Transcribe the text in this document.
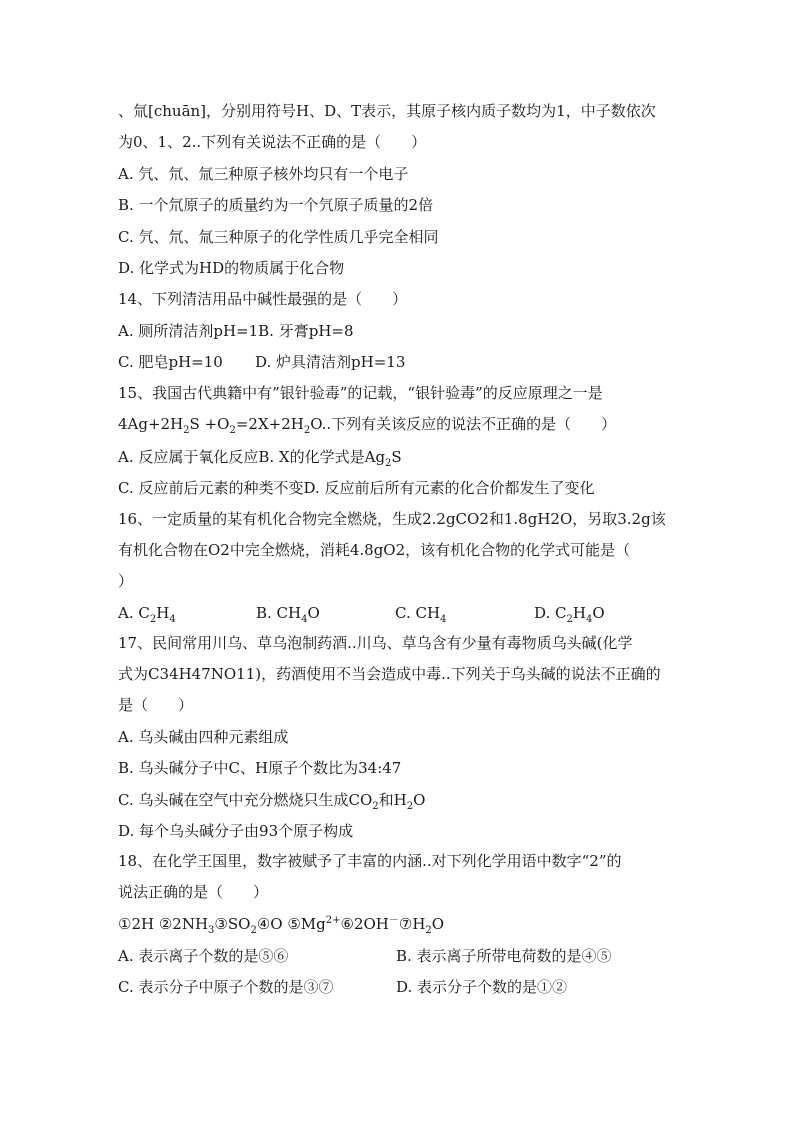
、氚[chuān]，分别用符号H、D、T表示，其原子核内质子数均为1，中子数依次
为0、1、2..下列有关说法不正确的是（　　）
A. 氕、氘、氚三种原子核外均只有一个电子
B. 一个氘原子的质量约为一个氕原子质量的2倍
C. 氕、氘、氚三种原子的化学性质几乎完全相同
D. 化学式为HD的物质属于化合物
14、下列清洁用品中碱性最强的是（　　）
A. 厕所清洁剂pH=1B. 牙膏pH=8
C. 肥皂pH=10 D. 炉具清洁剂pH=13
15、我国古代典籍中有”银针验毒”的记载，“银针验毒”的反应原理之一是
$4Ag+2H_2S +O_2=2X+2H_2O$..下列有关该反应的说法不正确的是（　　）
A. 反应属于氧化反应B. X的化学式是$Ag_2S$
C. 反应前后元素的种类不变D. 反应前后所有元素的化合价都发生了变化
16、一定质量的某有机化合物完全燃烧，生成2.2gCO2和1.8gH2O，另取3.2g该
有机化合物在O2中完全燃烧，消耗4.8gO2，该有机化合物的化学式可能是（
）
A. $C_2H_4$	B. $CH_4O$	C. $CH_4$	D. $C_2H_4O$
17、民间常用川乌、草乌泡制药酒..川乌、草乌含有少量有毒物质乌头碱(化学
式为C34H47NO11)，药酒使用不当会造成中毒..下列关于乌头碱的说法不正确的
是（　　）
A. 乌头碱由四种元素组成
B. 乌头碱分子中C、H原子个数比为34:47
C. 乌头碱在空气中充分燃烧只生成$CO_2$和$H_2O$
D. 每个乌头碱分子由93个原子构成
18、在化学王国里，数字被赋予了丰富的内涵..对下列化学用语中数字“2”的
说法正确的是（　　）
①2H $②2NH_3③SO_2④O$ $⑤Mg^{2+}⑥2OH^-⑦H_2O$
A. 表示离子个数的是⑤⑥	B. 表示离子所带电荷数的是④⑤
C. 表示分子中原子个数的是③⑦	D. 表示分子个数的是①②
